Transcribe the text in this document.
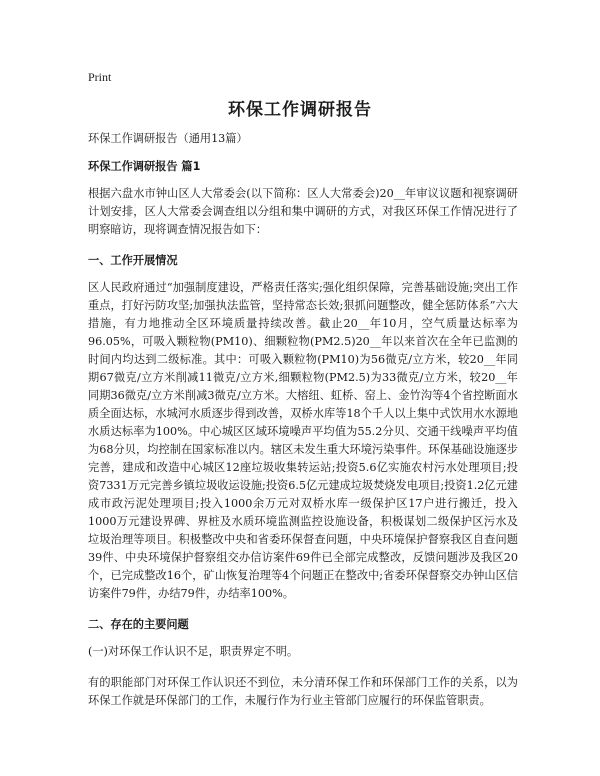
Print
环保工作调研报告

环保工作调研报告（通用13篇）

环保工作调研报告 篇1

根据六盘水市钟山区人大常委会(以下简称：区人大常委会)20__年审议议题和视察调研计划安排，区人大常委会调查组以分组和集中调研的方式，对我区环保工作情况进行了明察暗访，现将调查情况报告如下：

一、工作开展情况

区人民政府通过“加强制度建设，严格责任落实;强化组织保障，完善基础设施;突出工作重点，打好污防攻坚;加强执法监管，坚持常态长效;狠抓问题整改，健全惩防体系”六大措施，有力地推动全区环境质量持续改善。截止20__年10月，空气质量达标率为96.05%，可吸入颗粒物(PM10)、细颗粒物(PM2.5)20__年以来首次在全年已监测的时间内均达到二级标准。其中：可吸入颗粒物(PM10)为56微克/立方米，较20__年同期67微克/立方米削减11微克/立方米,细颗粒物(PM2.5)为33微克/立方米，较20__年同期36微克/立方米削减3微克/立方米。大榕纽、虹桥、窑上、金竹沟等4个省控断面水质全面达标，水城河水质逐步得到改善，双桥水库等18个千人以上集中式饮用水水源地水质达标率为100%。中心城区区域环境噪声平均值为55.2分贝、交通干线噪声平均值为68分贝，均控制在国家标准以内。辖区未发生重大环境污染事件。环保基础设施逐步完善，建成和改造中心城区12座垃圾收集转运站;投资5.6亿实施农村污水处理项目;投资7331万元完善乡镇垃圾收运设施;投资6.5亿元建成垃圾焚烧发电项目;投资1.2亿元建成市政污泥处理项目;投入1000余万元对双桥水库一级保护区17户进行搬迁，投入1000万元建设界碑、界桩及水质环境监测监控设施设备，积极谋划二级保护区污水及垃圾治理等项目。积极整改中央和省委环保督查问题，中央环境保护督察我区自查问题39件、中央环境保护督察组交办信访案件69件已全部完成整改，反馈问题涉及我区20个，已完成整改16个，矿山恢复治理等4个问题正在整改中;省委环保督察交办钟山区信访案件79件，办结79件，办结率100%。

二、存在的主要问题

(一)对环保工作认识不足，职责界定不明。

有的职能部门对环保工作认识还不到位，未分清环保工作和环保部门工作的关系，以为环保工作就是环保部门的工作，未履行作为行业主管部门应履行的环保监管职责。
